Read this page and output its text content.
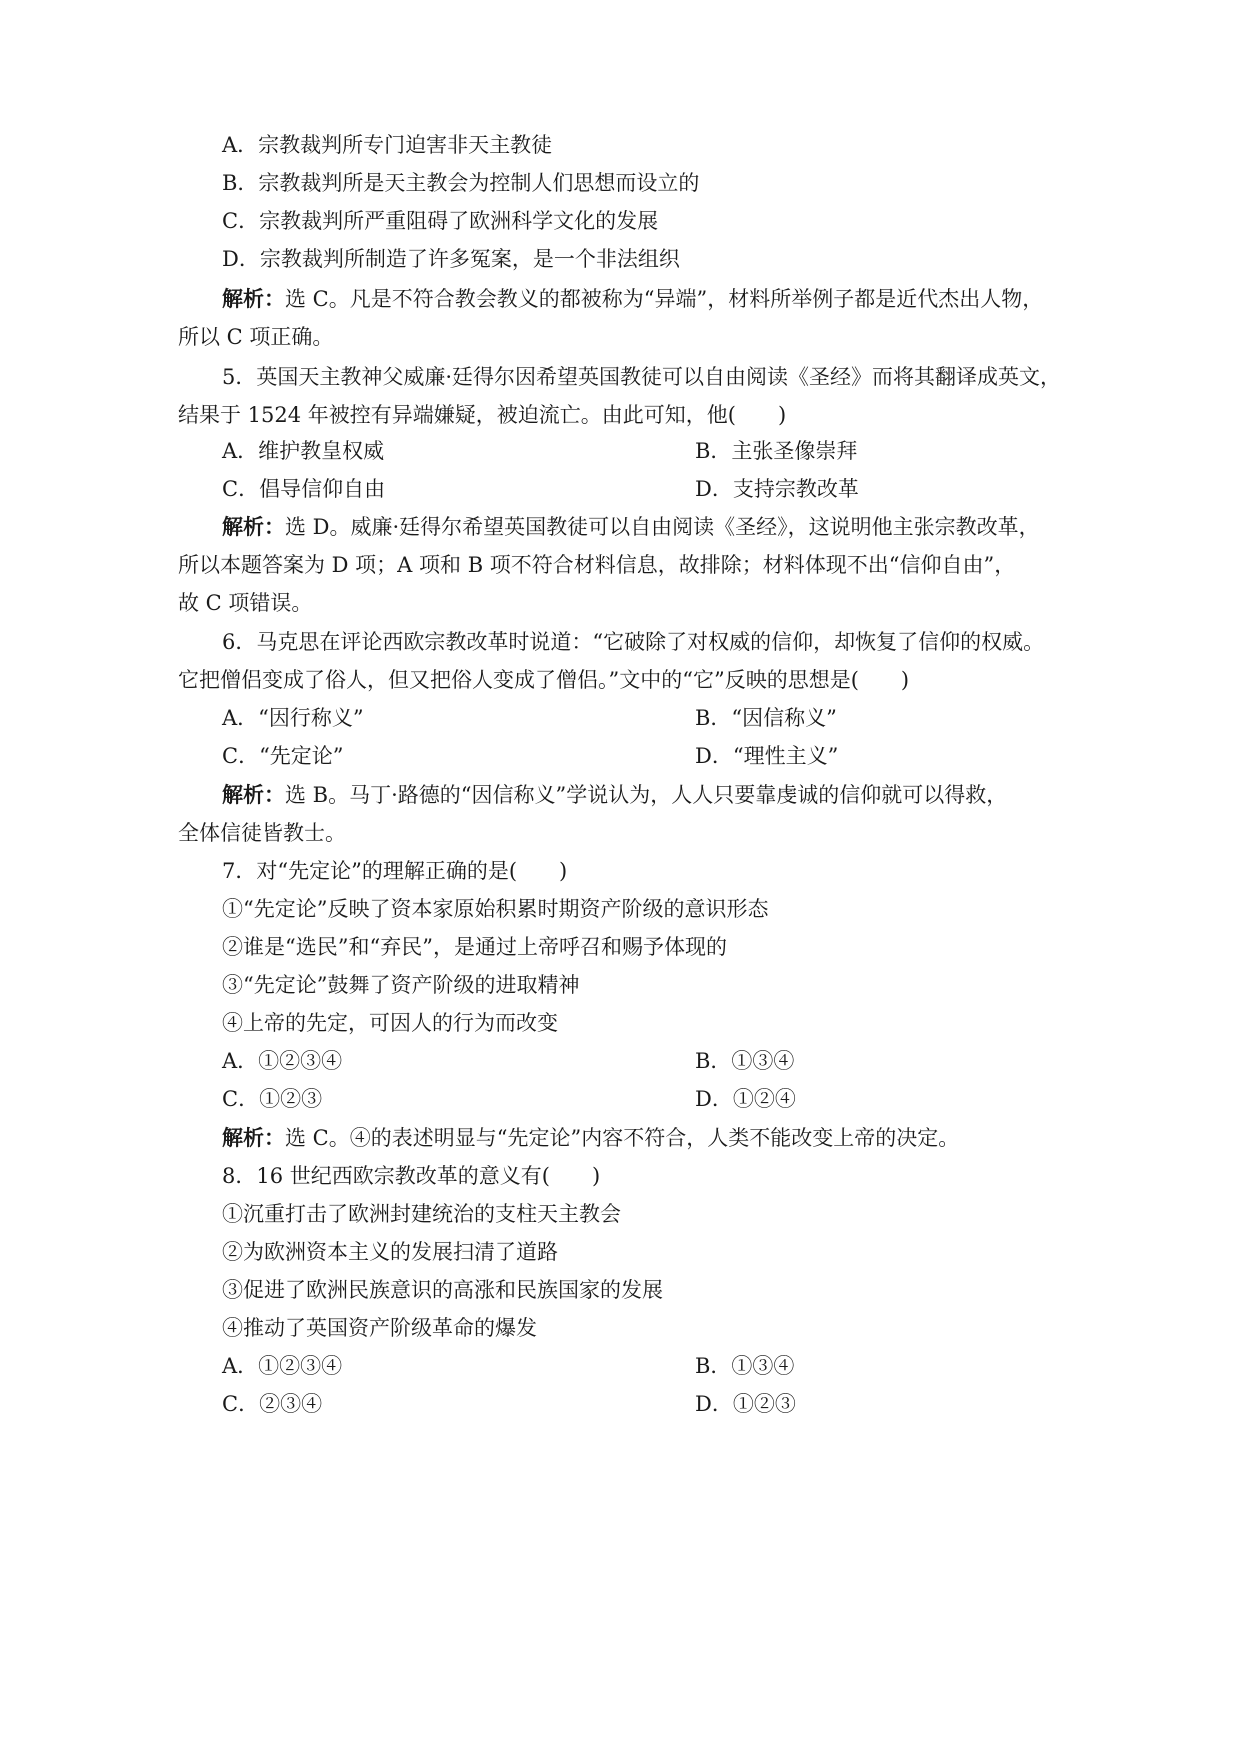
A．宗教裁判所专门迫害非天主教徒
B．宗教裁判所是天主教会为控制人们思想而设立的
C．宗教裁判所严重阻碍了欧洲科学文化的发展
D．宗教裁判所制造了许多冤案，是一个非法组织
解析：选 C。凡是不符合教会教义的都被称为“异端”，材料所举例子都是近代杰出人物，
所以 C 项正确。
5．英国天主教神父威廉·廷得尔因希望英国教徒可以自由阅读《圣经》而将其翻译成英文，
结果于 1524 年被控有异端嫌疑，被迫流亡。由此可知，他(　　)
A．维护教皇权威	B．主张圣像崇拜
C．倡导信仰自由	D．支持宗教改革
解析：选 D。威廉·廷得尔希望英国教徒可以自由阅读《圣经》，这说明他主张宗教改革，
所以本题答案为 D 项；A 项和 B 项不符合材料信息，故排除；材料体现不出“信仰自由”，
故 C 项错误。
6．马克思在评论西欧宗教改革时说道：“它破除了对权威的信仰，却恢复了信仰的权威。
它把僧侣变成了俗人，但又把俗人变成了僧侣。”文中的“它”反映的思想是(　　)
A．“因行称义”	B．“因信称义”
C．“先定论”	D．“理性主义”
解析：选 B。马丁·路德的“因信称义”学说认为，人人只要靠虔诚的信仰就可以得救，
全体信徒皆教士。
7．对“先定论”的理解正确的是(　　)
①“先定论”反映了资本家原始积累时期资产阶级的意识形态
②谁是“选民”和“弃民”，是通过上帝呼召和赐予体现的
③“先定论”鼓舞了资产阶级的进取精神
④上帝的先定，可因人的行为而改变
A．①②③④	B．①③④
C．①②③	D．①②④
解析：选 C。④的表述明显与“先定论”内容不符合，人类不能改变上帝的决定。
8．16 世纪西欧宗教改革的意义有(　　)
①沉重打击了欧洲封建统治的支柱天主教会
②为欧洲资本主义的发展扫清了道路
③促进了欧洲民族意识的高涨和民族国家的发展
④推动了英国资产阶级革命的爆发
A．①②③④	B．①③④
C．②③④	D．①②③
